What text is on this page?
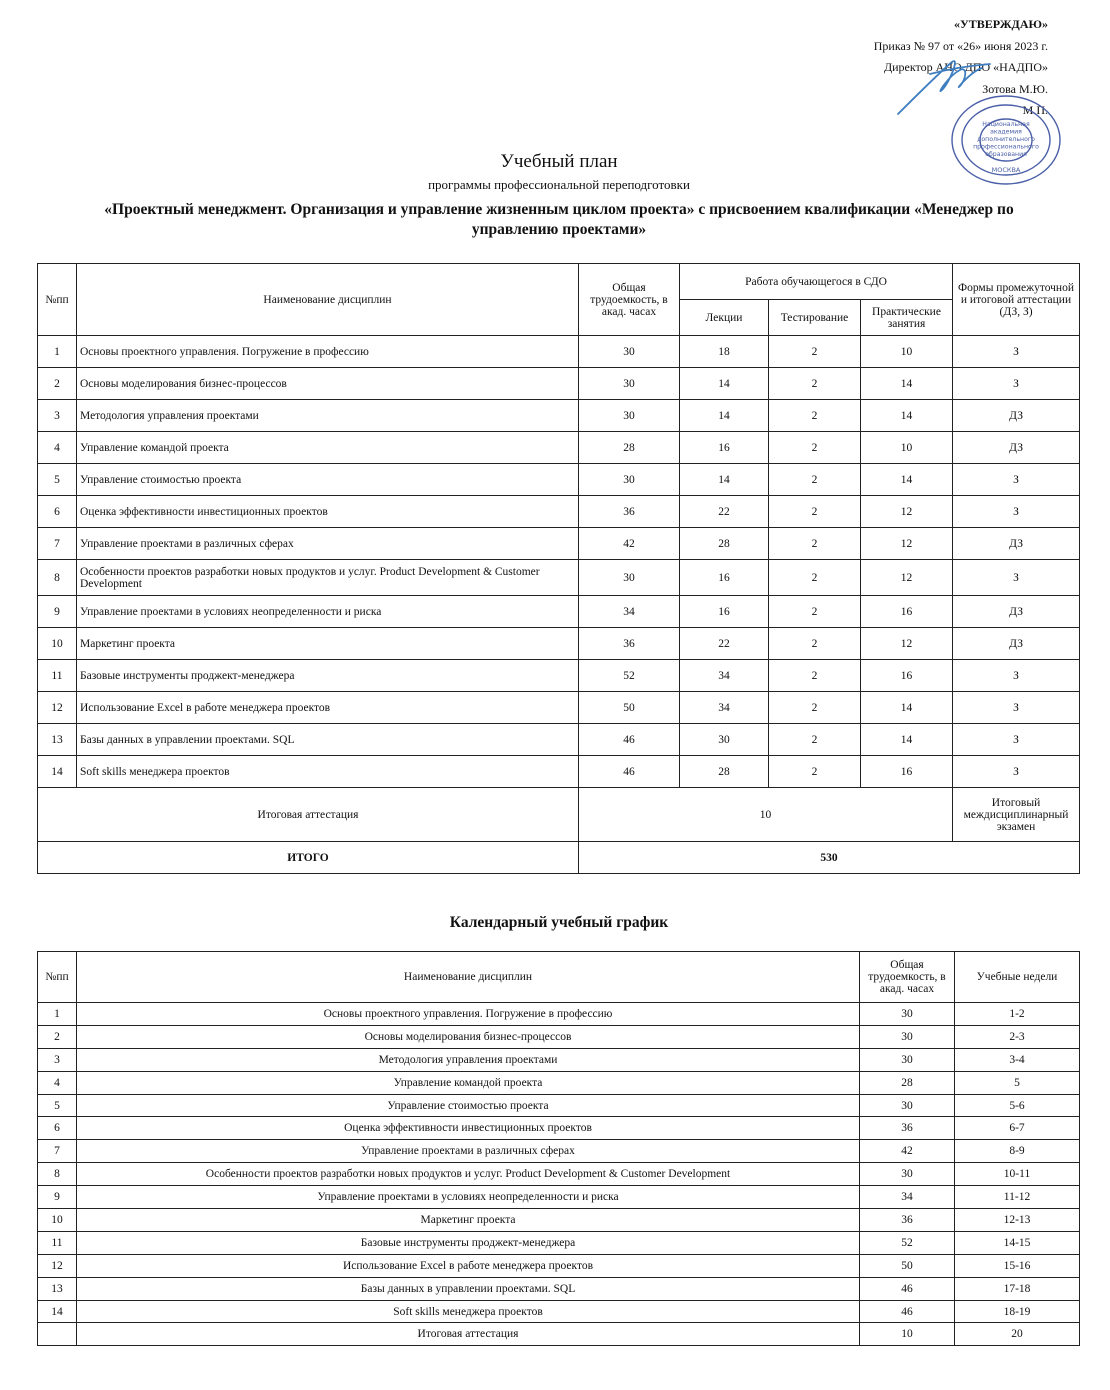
«УТВЕРЖДАЮ»
Приказ № 97 от «26» июня 2023 г.
Директор АНО ДПО «НАДПО»
Зотова М.Ю.
М.П.
Национальная
академия
дополнительного
профессионального
образования
МОСКВА
Учебный план
программы профессиональной переподготовки
«Проектный менеджмент. Организация и управление жизненным циклом проекта» с присвоением квалификации «Менеджер по управлению проектами»
№пп	Наименование дисциплин	Общая трудоемкость, в акад. часах	Работа обучающегося в СДО			Формы промежуточной и итоговой аттестации (ДЗ, З)
			Лекции	Тестирование	Практические занятия	
1	Основы проектного управления. Погружение в профессию	30	18	2	10	З
2	Основы моделирования бизнес-процессов	30	14	2	14	З
3	Методология управления проектами	30	14	2	14	ДЗ
4	Управление командой проекта	28	16	2	10	ДЗ
5	Управление стоимостью проекта	30	14	2	14	З
6	Оценка эффективности инвестиционных проектов	36	22	2	12	З
7	Управление проектами в различных сферах	42	28	2	12	ДЗ
8	Особенности проектов разработки новых продуктов и услуг. Product Development & Customer Development	30	16	2	12	З
9	Управление проектами в условиях неопределенности и риска	34	16	2	16	ДЗ
10	Маркетинг проекта	36	22	2	12	ДЗ
11	Базовые инструменты проджект-менеджера	52	34	2	16	З
12	Использование Excel в работе менеджера проектов	50	34	2	14	З
13	Базы данных в управлении проектами. SQL	46	30	2	14	З
14	Soft skills менеджера проектов	46	28	2	16	З
Итоговая аттестация		10				Итоговый междисциплинарный экзамен
ИТОГО		530				
Календарный учебный график
№пп	Наименование дисциплин	Общая трудоемкость, в акад. часах	Учебные недели
1	Основы проектного управления. Погружение в профессию	30	1-2
2	Основы моделирования бизнес-процессов	30	2-3
3	Методология управления проектами	30	3-4
4	Управление командой проекта	28	5
5	Управление стоимостью проекта	30	5-6
6	Оценка эффективности инвестиционных проектов	36	6-7
7	Управление проектами в различных сферах	42	8-9
8	Особенности проектов разработки новых продуктов и услуг. Product Development & Customer Development	30	10-11
9	Управление проектами в условиях неопределенности и риска	34	11-12
10	Маркетинг проекта	36	12-13
11	Базовые инструменты проджект-менеджера	52	14-15
12	Использование Excel в работе менеджера проектов	50	15-16
13	Базы данных в управлении проектами. SQL	46	17-18
14	Soft skills менеджера проектов	46	18-19
	Итоговая аттестация	10	20
